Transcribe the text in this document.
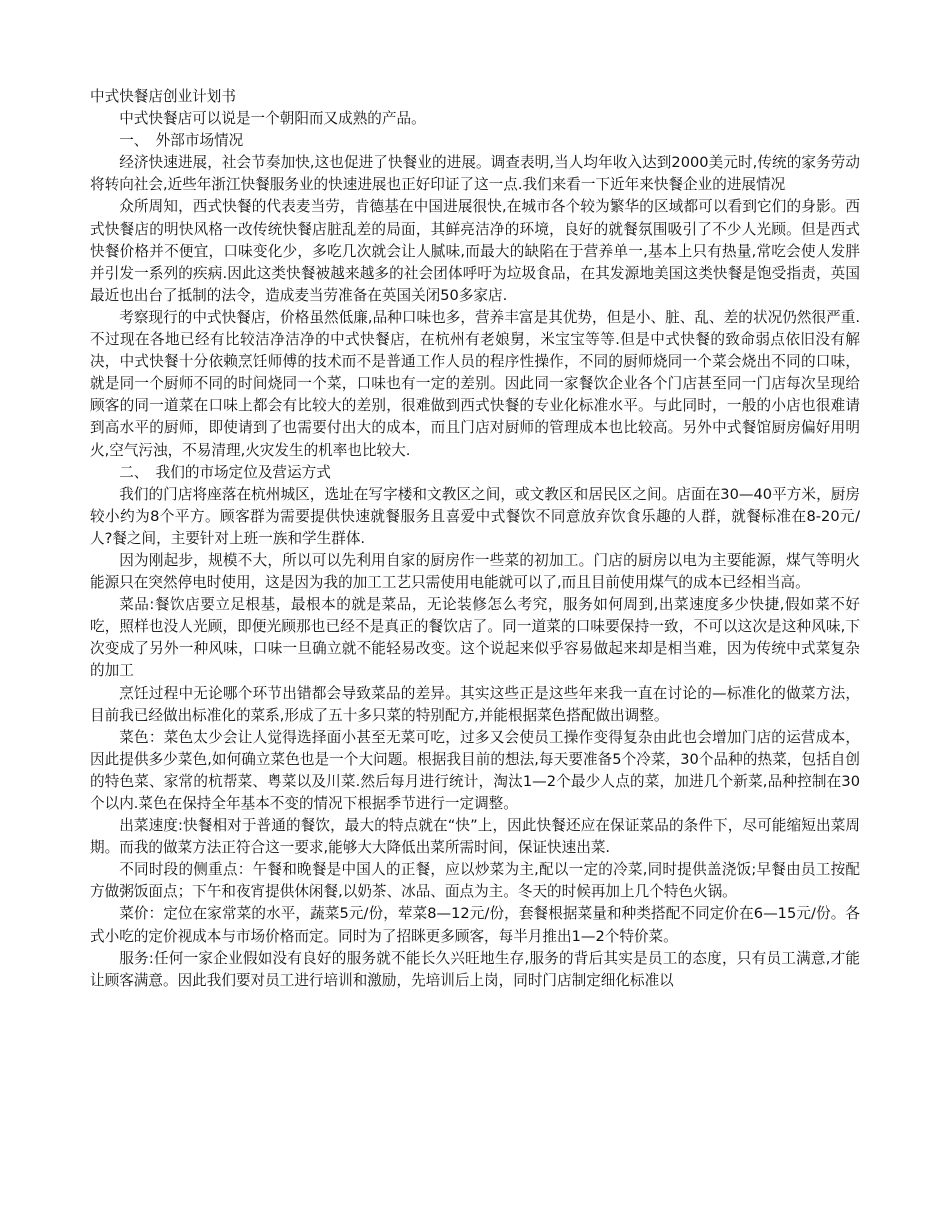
中式快餐店创业计划书

中式快餐店可以说是一个朝阳而又成熟的产品。

一、　外部市场情况

经济快速进展，社会节奏加快,这也促进了快餐业的进展。调查表明,当人均年收入达到2000美元时,传统的家务劳动将转向社会,近些年浙江快餐服务业的快速进展也正好印证了这一点.我们来看一下近年来快餐企业的进展情况

众所周知，西式快餐的代表麦当劳，肯德基在中国进展很快,在城市各个较为繁华的区域都可以看到它们的身影。西式快餐店的明快风格一改传统快餐店脏乱差的局面，其鲜亮洁净的环境，良好的就餐氛围吸引了不少人光顾。但是西式快餐价格并不便宜，口味变化少，多吃几次就会让人腻味,而最大的缺陷在于营养单一,基本上只有热量,常吃会使人发胖并引发一系列的疾病.因此这类快餐被越来越多的社会团体呼吁为垃圾食品，在其发源地美国这类快餐是饱受指责，英国最近也出台了抵制的法令，造成麦当劳准备在英国关闭50多家店.

考察现行的中式快餐店，价格虽然低廉,品种口味也多，营养丰富是其优势，但是小、脏、乱、差的状况仍然很严重.不过现在各地已经有比较洁净洁净的中式快餐店，在杭州有老娘舅，米宝宝等等.但是中式快餐的致命弱点依旧没有解决，中式快餐十分依赖烹饪师傅的技术而不是普通工作人员的程序性操作，不同的厨师烧同一个菜会烧出不同的口味，就是同一个厨师不同的时间烧同一个菜，口味也有一定的差别。因此同一家餐饮企业各个门店甚至同一门店每次呈现给顾客的同一道菜在口味上都会有比较大的差别，很难做到西式快餐的专业化标准水平。与此同时，一般的小店也很难请到高水平的厨师，即使请到了也需要付出大的成本，而且门店对厨师的管理成本也比较高。另外中式餐馆厨房偏好用明火,空气污浊，不易清理,火灾发生的机率也比较大.

二、　我们的市场定位及营运方式

我们的门店将座落在杭州城区，选址在写字楼和文教区之间，或文教区和居民区之间。店面在30—40平方米，厨房较小约为8个平方。顾客群为需要提供快速就餐服务且喜爱中式餐饮不同意放弃饮食乐趣的人群，就餐标准在8-20元/人?餐之间，主要针对上班一族和学生群体.

因为刚起步，规模不大，所以可以先利用自家的厨房作一些菜的初加工。门店的厨房以电为主要能源，煤气等明火能源只在突然停电时使用，这是因为我的加工工艺只需使用电能就可以了,而且目前使用煤气的成本已经相当高。

菜品:餐饮店要立足根基，最根本的就是菜品，无论装修怎么考究，服务如何周到,出菜速度多少快捷,假如菜不好吃，照样也没人光顾，即便光顾那也已经不是真正的餐饮店了。同一道菜的口味要保持一致，不可以这次是这种风味,下次变成了另外一种风味，口味一旦确立就不能轻易改变。这个说起来似乎容易做起来却是相当难，因为传统中式菜复杂的加工

烹饪过程中无论哪个环节出错都会导致菜品的差异。其实这些正是这些年来我一直在讨论的—标准化的做菜方法，目前我已经做出标准化的菜系,形成了五十多只菜的特别配方,并能根据菜色搭配做出调整。

菜色：菜色太少会让人觉得选择面小甚至无菜可吃，过多又会使员工操作变得复杂由此也会增加门店的运营成本，因此提供多少菜色,如何确立菜色也是一个大问题。根据我目前的想法,每天要准备5个冷菜，30个品种的热菜，包括自创的特色菜、家常的杭帮菜、粤菜以及川菜.然后每月进行统计，淘汰1—2个最少人点的菜，加进几个新菜,品种控制在30个以内.菜色在保持全年基本不变的情况下根据季节进行一定调整。

出菜速度:快餐相对于普通的餐饮，最大的特点就在“快”上，因此快餐还应在保证菜品的条件下，尽可能缩短出菜周期。而我的做菜方法正符合这一要求,能够大大降低出菜所需时间，保证快速出菜.

不同时段的侧重点：午餐和晚餐是中国人的正餐，应以炒菜为主,配以一定的冷菜,同时提供盖浇饭;早餐由员工按配方做粥饭面点；下午和夜宵提供休闲餐,以奶茶、冰品、面点为主。冬天的时候再加上几个特色火锅。

菜价：定位在家常菜的水平，蔬菜5元/份，荤菜8—12元/份，套餐根据菜量和种类搭配不同定价在6—15元/份。各式小吃的定价视成本与市场价格而定。同时为了招眯更多顾客，每半月推出1—2个特价菜。

服务:任何一家企业假如没有良好的服务就不能长久兴旺地生存,服务的背后其实是员工的态度，只有员工满意,才能让顾客满意。因此我们要对员工进行培训和激励，先培训后上岗，同时门店制定细化标准以
